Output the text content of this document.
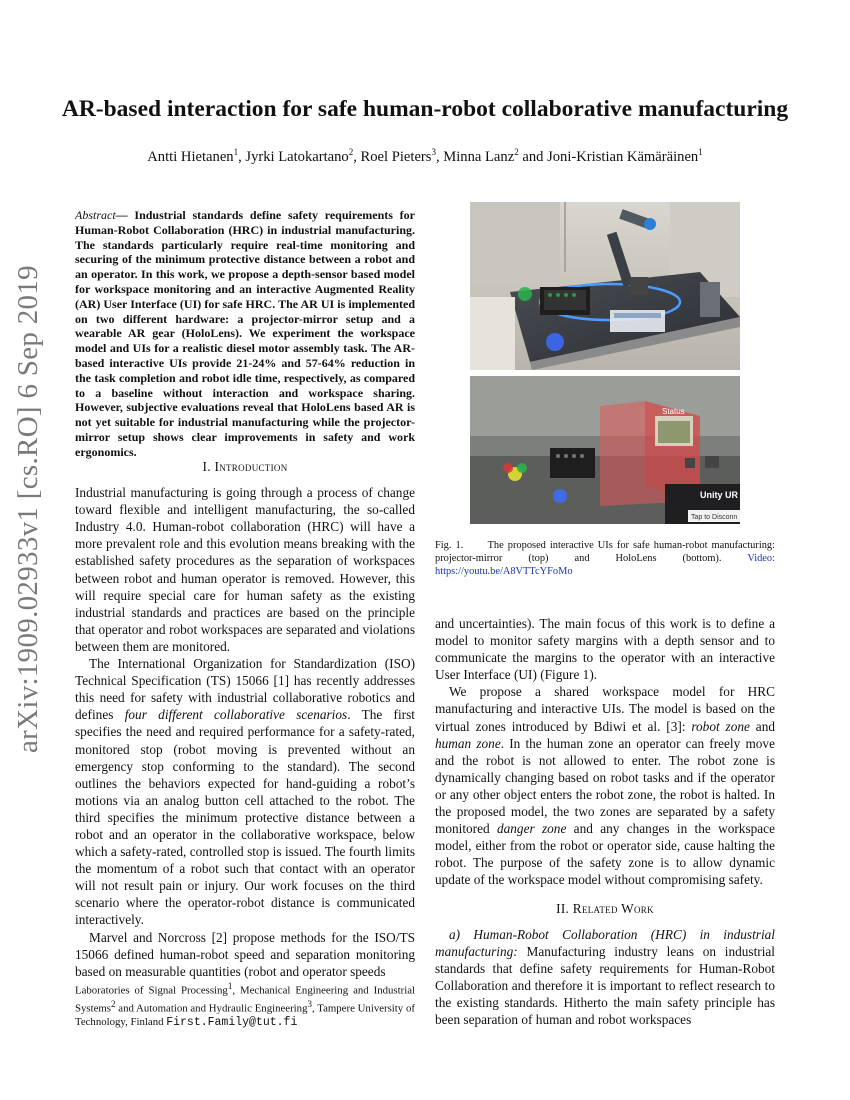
arXiv:1909.02933v1 [cs.RO] 6 Sep 2019
AR-based interaction for safe human-robot collaborative manufacturing
Antti Hietanen$^1$, Jyrki Latokartano$^2$, Roel Pieters$^3$, Minna Lanz$^2$ and Joni-Kristian Kämäräinen$^1$
Abstract— Industrial standards define safety requirements for Human-Robot Collaboration (HRC) in industrial manufacturing. The standards particularly require real-time monitoring and securing of the minimum protective distance between a robot and an operator. In this work, we propose a depth-sensor based model for workspace monitoring and an interactive Augmented Reality (AR) User Interface (UI) for safe HRC. The AR UI is implemented on two different hardware: a projector-mirror setup and a wearable AR gear (HoloLens). We experiment the workspace model and UIs for a realistic diesel motor assembly task. The AR-based interactive UIs provide 21-24% and 57-64% reduction in the task completion and robot idle time, respectively, as compared to a baseline without interaction and workspace sharing. However, subjective evaluations reveal that HoloLens based AR is not yet suitable for industrial manufacturing while the projector-mirror setup shows clear improvements in safety and work ergonomics.
I. Introduction

Industrial manufacturing is going through a process of change toward flexible and intelligent manufacturing, the so-called Industry 4.0. Human-robot collaboration (HRC) will have a more prevalent role and this evolution means breaking with the established safety procedures as the separation of workspaces between robot and human operator is removed. However, this will require special care for human safety as the existing industrial standards and practices are based on the principle that operator and robot workspaces are separated and violations between them are monitored.

The International Organization for Standardization (ISO) Technical Specification (TS) 15066 [1] has recently addresses this need for safety with industrial collaborative robotics and defines four different collaborative scenarios. The first specifies the need and required performance for a safety-rated, monitored stop (robot moving is prevented without an emergency stop conforming to the standard). The second outlines the behaviors expected for hand-guiding a robot’s motions via an analog button cell attached to the robot. The third specifies the minimum protective distance between a robot and an operator in the collaborative workspace, below which a safety-rated, controlled stop is issued. The fourth limits the momentum of a robot such that contact with an operator will not result pain or injury. Our work focuses on the third scenario where the operator-robot distance is communicated interactively.

Marvel and Norcross [2] propose methods for the ISO/TS 15066 defined human-robot speed and separation monitoring based on measurable quantities (robot and operator speeds

Laboratories of Signal Processing$^1$, Mechanical Engineering and Industrial Systems$^2$ and Automation and Hydraulic Engineering$^3$, Tampere University of Technology, Finland First.Family@tut.fi
Status
Unity UR
Tap to Disconn
Fig. 1. The proposed interactive UIs for safe human-robot manufacturing: projector-mirror (top) and HoloLens (bottom). Video: https://youtu.be/A8VTTcYFoMo

and uncertainties). The main focus of this work is to define a model to monitor safety margins with a depth sensor and to communicate the margins to the operator with an interactive User Interface (UI) (Figure 1).

We propose a shared workspace model for HRC manufacturing and interactive UIs. The model is based on the virtual zones introduced by Bdiwi et al. [3]: robot zone and human zone. In the human zone an operator can freely move and the robot is not allowed to enter. The robot zone is dynamically changing based on robot tasks and if the operator or any other object enters the robot zone, the robot is halted. In the proposed model, the two zones are separated by a safety monitored danger zone and any changes in the workspace model, either from the robot or operator side, cause halting the robot. The purpose of the safety zone is to allow dynamic update of the workspace model without compromising safety.

II. Related Work

a) Human-Robot Collaboration (HRC) in industrial manufacturing: Manufacturing industry leans on industrial standards that define safety requirements for Human-Robot Collaboration and therefore it is important to reflect research to the existing standards. Hitherto the main safety principle has been separation of human and robot workspaces
